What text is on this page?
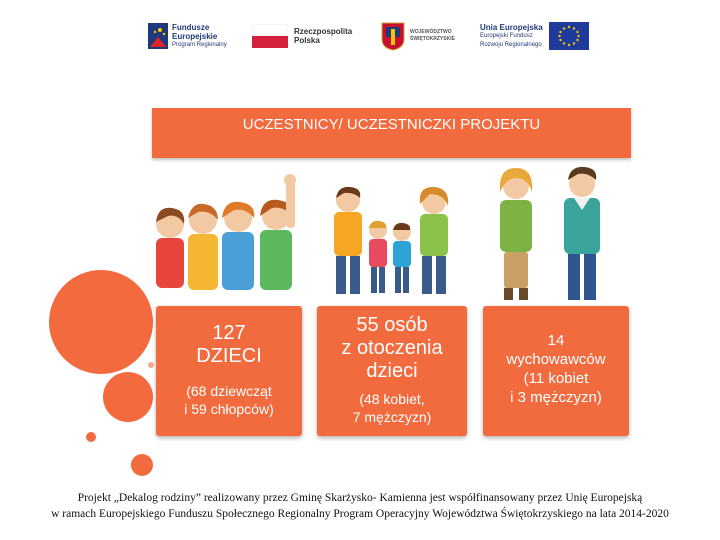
Fundusze
Europejskie
Program Regionalny
Rzeczpospolita
Polska
WOJEWÓDZTWO
ŚWIĘTOKRZYSKIE
Unia Europejska
Europejski Fundusz
Rozwoju Regionalnego
UCZESTNICY/ UCZESTNICZKI PROJEKTU
127
DZIECI
(68 dziewcząt
i 59 chłopców)
55 osób
z otoczenia
dzieci
(48 kobiet,
7 mężczyzn)
14
wychowawców
(11 kobiet
i 3 mężczyzn)
Projekt „Dekalog rodziny” realizowany przez Gminę Skarżysko- Kamienna jest współfinansowany przez Unię Europejską
w ramach Europejskiego Funduszu Społecznego Regionalny Program Operacyjny Województwa Świętokrzyskiego na lata 2014-2020
